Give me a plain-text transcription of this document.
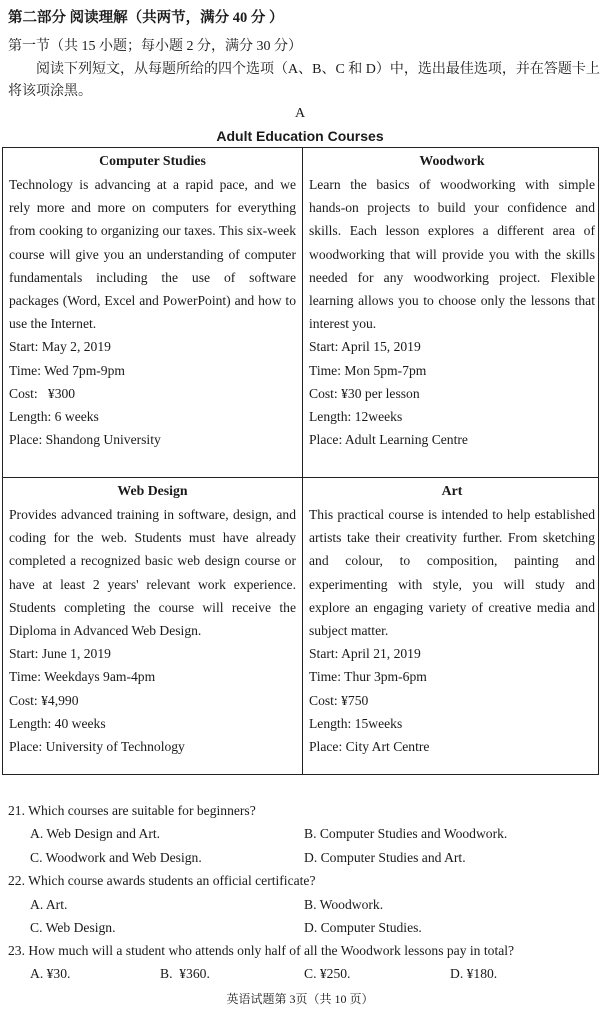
第二部分 阅读理解（共两节，满分 40 分 ）
第一节（共 15 小题；每小题 2 分，满分 30 分）
阅读下列短文，从每题所给的四个选项（A、B、C 和 D）中，选出最佳选项，并在答题卡上
将该项涂黑。
A
Adult Education Courses
Computer Studies
Technology is advancing at a rapid pace, and we rely more and more on computers for everything from cooking to organizing our taxes. This six-week course will give you an understanding of computer fundamentals including the use of software packages (Word, Excel and PowerPoint) and how to use the Internet.
Start: May 2, 2019
Time: Wed 7pm-9pm
Cost:   ¥300
Length: 6 weeks
Place: Shandong University
Woodwork
Learn the basics of woodworking with simple hands-on projects to build your confidence and skills. Each lesson explores a different area of woodworking that will provide you with the skills needed for any woodworking project. Flexible learning allows you to choose only the lessons that interest you.
Start: April 15, 2019
Time: Mon 5pm-7pm
Cost: ¥30 per lesson
Length: 12weeks
Place: Adult Learning Centre
Web Design
Provides advanced training in software, design, and coding for the web. Students must have already completed a recognized basic web design course or have at least 2 years' relevant work experience. Students completing the course will receive the Diploma in Advanced Web Design.
Start: June 1, 2019
Time: Weekdays 9am-4pm
Cost: ¥4,990
Length: 40 weeks
Place: University of Technology
Art
This practical course is intended to help established artists take their creativity further. From sketching and colour, to composition, painting and experimenting with style, you will study and explore an engaging variety of creative media and subject matter.
Start: April 21, 2019
Time: Thur 3pm-6pm
Cost: ¥750
Length: 15weeks
Place: City Art Centre
21. Which courses are suitable for beginners?
A. Web Design and Art.	B. Computer Studies and Woodwork.
C. Woodwork and Web Design.	D. Computer Studies and Art.
22. Which course awards students an official certificate?
A. Art.	B. Woodwork.
C. Web Design.	D. Computer Studies.
23. How much will a student who attends only half of all the Woodwork lessons pay in total?
A. ¥30.	B.  ¥360.	C. ¥250.	D. ¥180.
英语试题第 3页（共 10 页）
